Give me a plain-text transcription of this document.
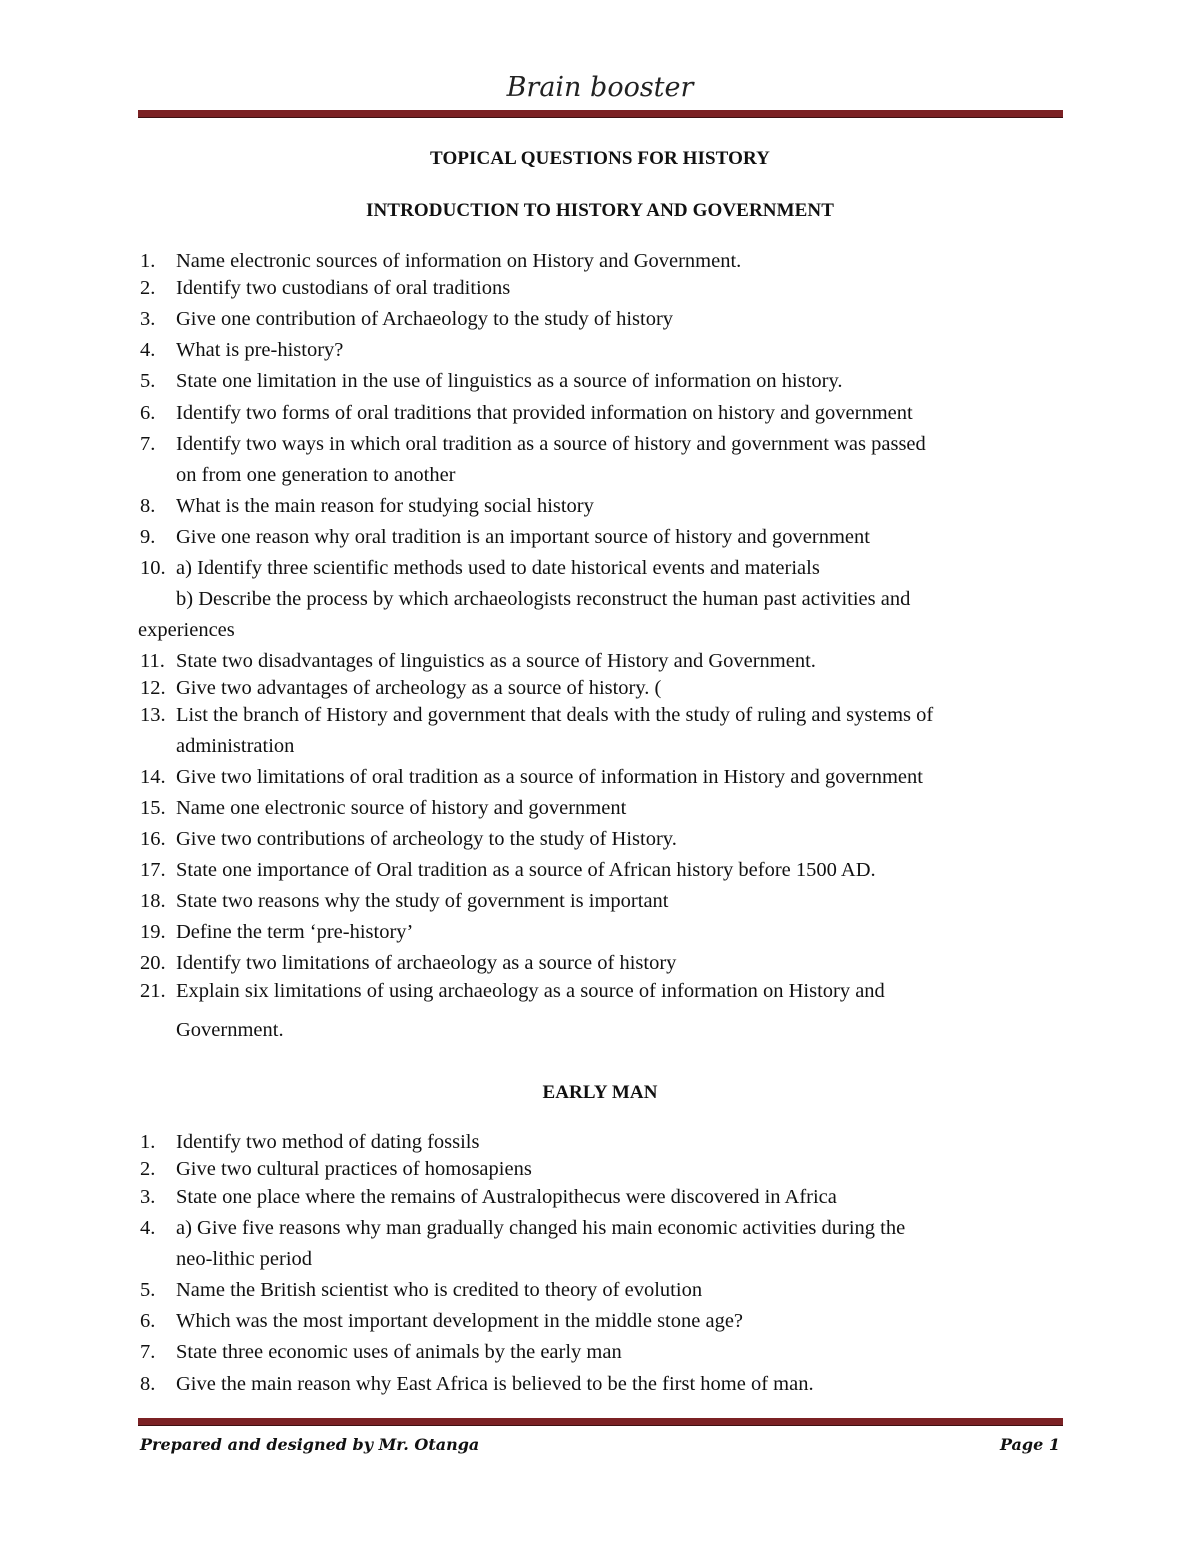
Brain booster
TOPICAL QUESTIONS FOR HISTORY
INTRODUCTION TO HISTORY AND GOVERNMENT
1. Name electronic sources of information on History and Government.
2. Identify two custodians of oral traditions
3. Give one contribution of Archaeology to the study of history
4. What is pre-history?
5. State one limitation in the use of linguistics as a source of information on history.
6. Identify two forms of oral traditions that provided information on history and government
7. Identify two ways in which oral tradition as a source of history and government was passed
on from one generation to another
8. What is the main reason for studying social history
9. Give one reason why oral tradition is an important source of history and government
10. a) Identify three scientific methods used to date historical events and materials
b) Describe the process by which archaeologists reconstruct the human past activities and
experiences
11. State two disadvantages of linguistics as a source of History and Government.
12. Give two advantages of archeology as a source of history. (
13. List the branch of History and government that deals with the study of ruling and systems of
administration
14. Give two limitations of oral tradition as a source of information in History and government
15. Name one electronic source of history and government
16. Give two contributions of archeology to the study of History.
17. State one importance of Oral tradition as a source of African history before 1500 AD.
18. State two reasons why the study of government is important
19. Define the term ‘pre-history’
20. Identify two limitations of archaeology as a source of history
21. Explain six limitations of using archaeology as a source of information on History and
Government.
EARLY MAN
1. Identify two method of dating fossils
2. Give two cultural practices of homosapiens
3. State one place where the remains of Australopithecus were discovered in Africa
4. a) Give five reasons why man gradually changed his main economic activities during the
neo-lithic period
5. Name the British scientist who is credited to theory of evolution
6. Which was the most important development in the middle stone age?
7. State three economic uses of animals by the early man
8. Give the main reason why East Africa is believed to be the first home of man.
Prepared and designed by Mr. Otanga	Page 1
